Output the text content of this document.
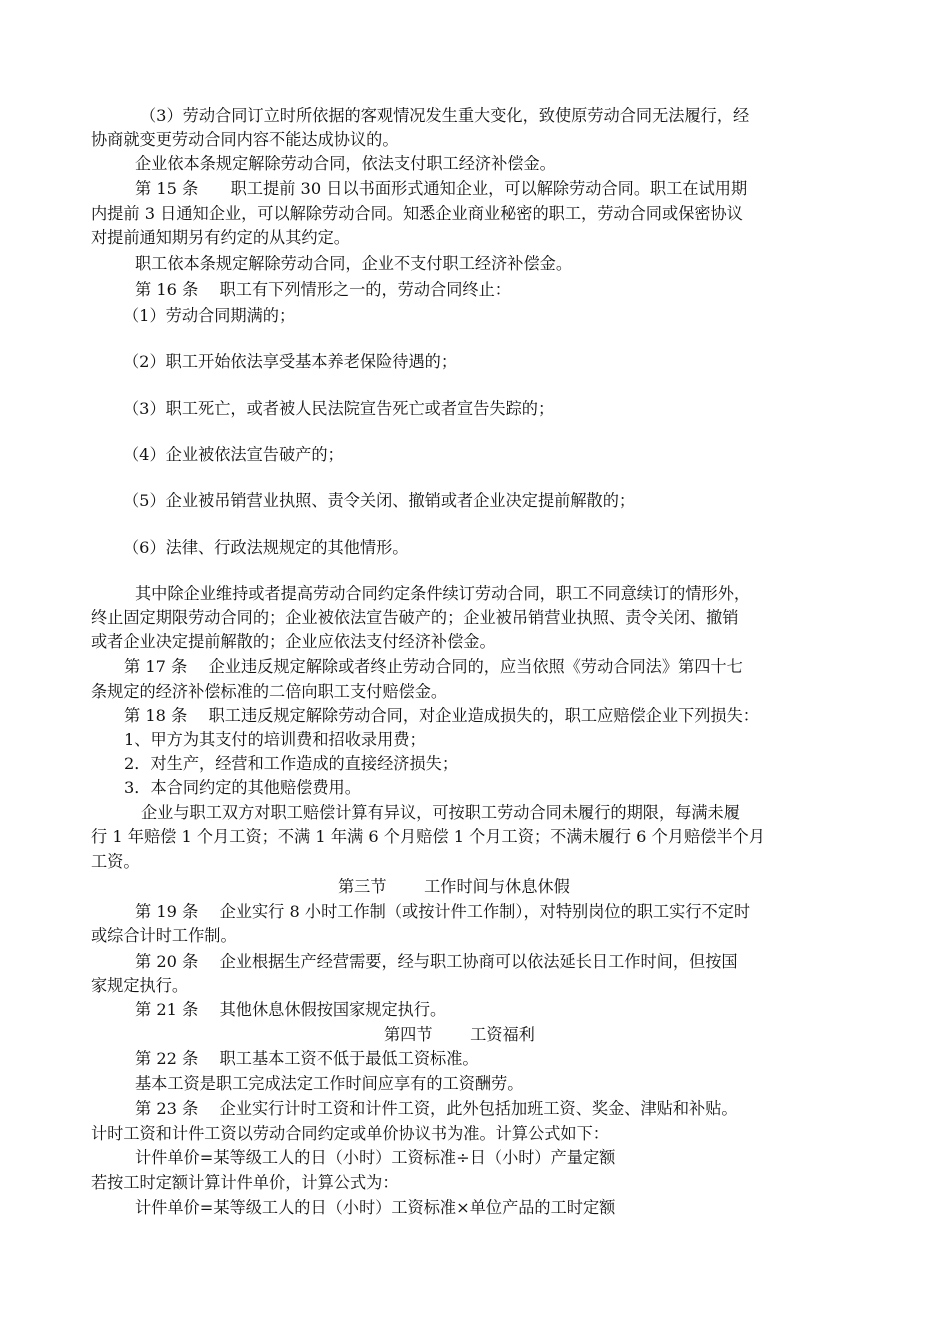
（3）劳动合同订立时所依据的客观情况发生重大变化，致使原劳动合同无法履行，经

协商就变更劳动合同内容不能达成协议的。

企业依本条规定解除劳动合同，依法支付职工经济补偿金。

第 15 条　　职工提前 30 日以书面形式通知企业，可以解除劳动合同。职工在试用期

内提前 3 日通知企业，可以解除劳动合同。知悉企业商业秘密的职工，劳动合同或保密协议

对提前通知期另有约定的从其约定。

职工依本条规定解除劳动合同，企业不支付职工经济补偿金。

第 16 条　 职工有下列情形之一的，劳动合同终止：

（1）劳动合同期满的；

（2）职工开始依法享受基本养老保险待遇的；

（3）职工死亡，或者被人民法院宣告死亡或者宣告失踪的；

（4）企业被依法宣告破产的；

（5）企业被吊销营业执照、责令关闭、撤销或者企业决定提前解散的；

（6）法律、行政法规规定的其他情形。

其中除企业维持或者提高劳动合同约定条件续订劳动合同，职工不同意续订的情形外，

终止固定期限劳动合同的；企业被依法宣告破产的；企业被吊销营业执照、责令关闭、撤销

或者企业决定提前解散的；企业应依法支付经济补偿金。

第 17 条　 企业违反规定解除或者终止劳动合同的，应当依照《劳动合同法》第四十七

条规定的经济补偿标准的二倍向职工支付赔偿金。

第 18 条　 职工违反规定解除劳动合同，对企业造成损失的，职工应赔偿企业下列损失：

1、甲方为其支付的培训费和招收录用费；

2．对生产，经营和工作造成的直接经济损失；

3．本合同约定的其他赔偿费用。

企业与职工双方对职工赔偿计算有异议，可按职工劳动合同未履行的期限，每满未履

行 1 年赔偿 1 个月工资；不满 1 年满 6 个月赔偿 1 个月工资；不满未履行 6 个月赔偿半个月

工资。

第三节　　 工作时间与休息休假

第 19 条　 企业实行 8 小时工作制（或按计件工作制），对特别岗位的职工实行不定时

或综合计时工作制。

第 20 条　 企业根据生产经营需要，经与职工协商可以依法延长日工作时间，但按国

家规定执行。

第 21 条　 其他休息休假按国家规定执行。

第四节　　 工资福利

第 22 条　 职工基本工资不低于最低工资标准。

基本工资是职工完成法定工作时间应享有的工资酬劳。

第 23 条　 企业实行计时工资和计件工资，此外包括加班工资、奖金、津贴和补贴。

计时工资和计件工资以劳动合同约定或单价协议书为准。计算公式如下：

计件单价=某等级工人的日（小时）工资标准÷日（小时）产量定额

若按工时定额计算计件单价，计算公式为：

计件单价=某等级工人的日（小时）工资标准×单位产品的工时定额
